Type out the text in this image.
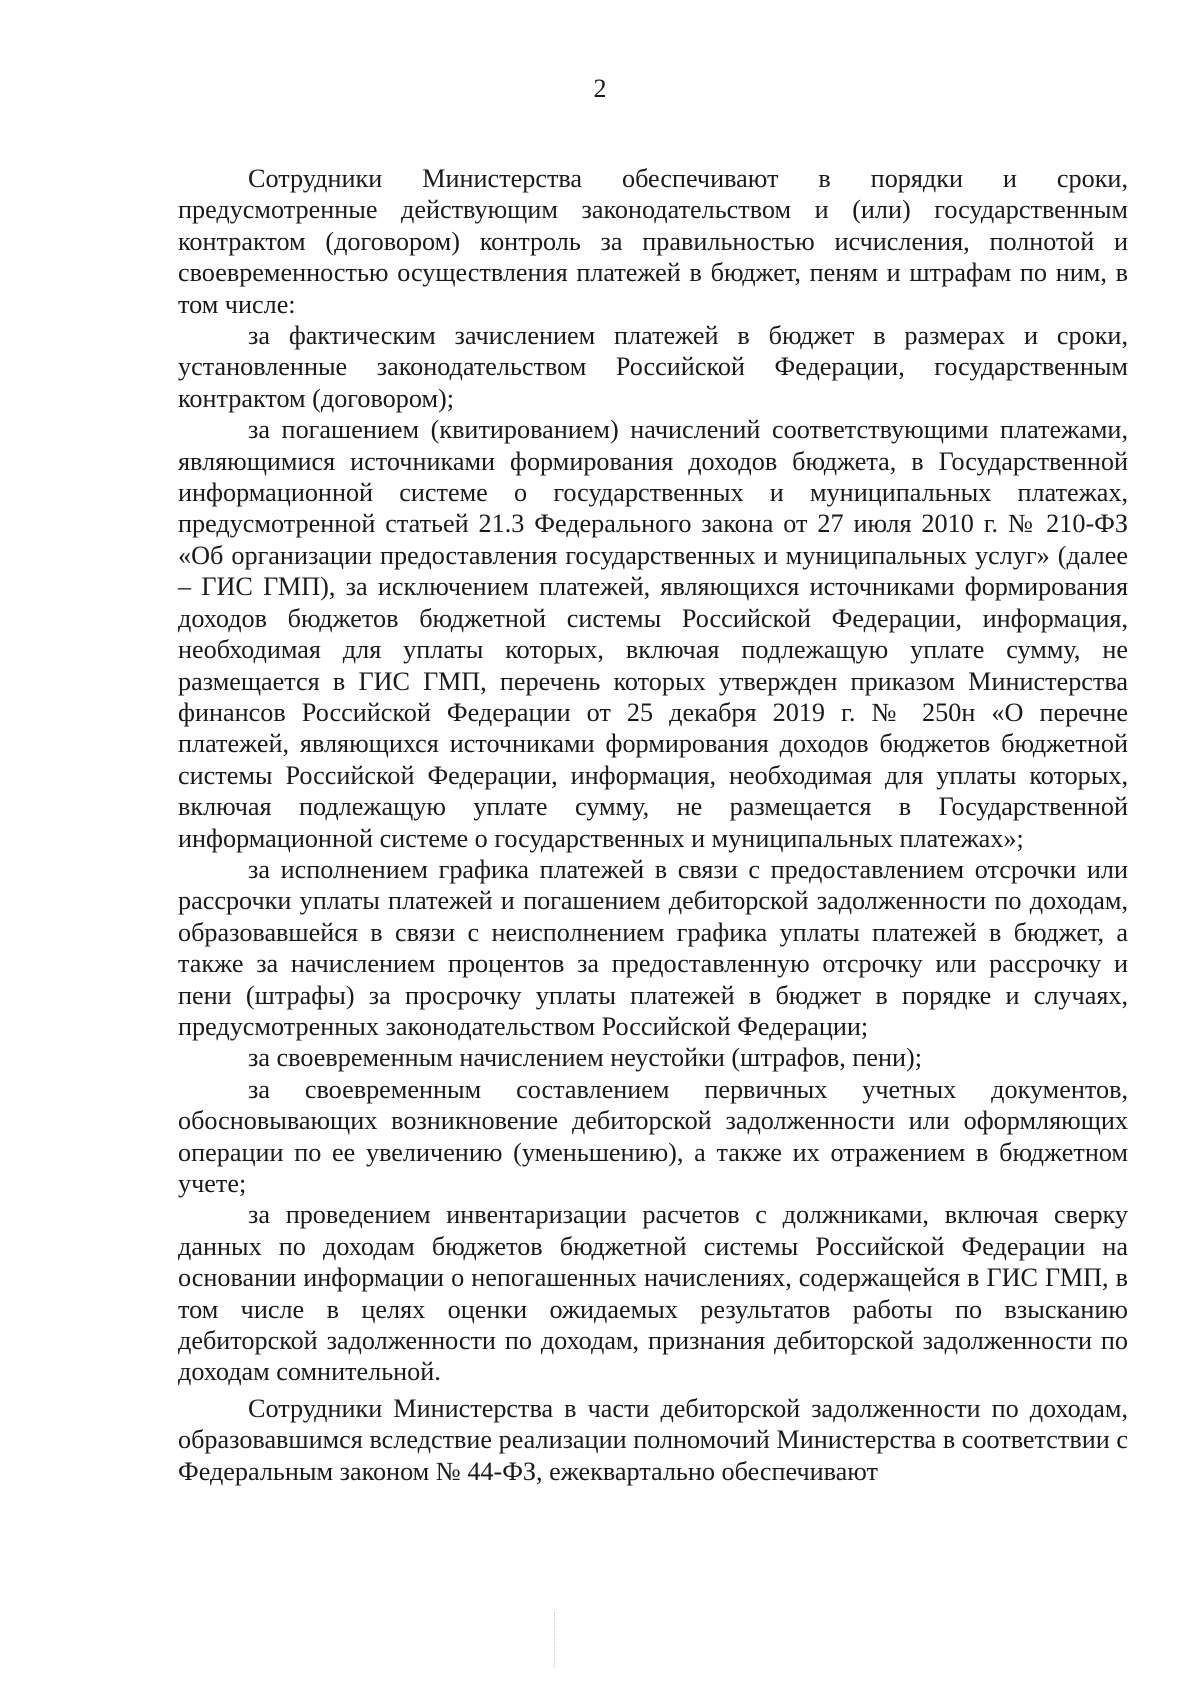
2

Сотрудники Министерства обеспечивают в порядки и сроки, предусмотренные действующим законодательством и (или) государственным контрактом (договором) контроль за правильностью исчисления, полнотой и своевременностью осуществления платежей в бюджет, пеням и штрафам по ним, в том числе:

за фактическим зачислением платежей в бюджет в размерах и сроки, установленные законодательством Российской Федерации, государственным контрактом (договором);

за погашением (квитированием) начислений соответствующими платежами, являющимися источниками формирования доходов бюджета, в Государственной информационной системе о государственных и муниципальных платежах, предусмотренной статьей 21.3 Федерального закона от 27 июля 2010 г. № 210-ФЗ «Об организации предоставления государственных и муниципальных услуг» (далее – ГИС ГМП), за исключением платежей, являющихся источниками формирования доходов бюджетов бюджетной системы Российской Федерации, информация, необходимая для уплаты которых, включая подлежащую уплате сумму, не размещается в ГИС ГМП, перечень которых утвержден приказом Министерства финансов Российской Федерации от 25 декабря 2019 г. № 250н «О перечне платежей, являющихся источниками формирования доходов бюджетов бюджетной системы Российской Федерации, информация, необходимая для уплаты которых, включая подлежащую уплате сумму, не размещается в Государственной информационной системе о государственных и муниципальных платежах»;

за исполнением графика платежей в связи с предоставлением отсрочки или рассрочки уплаты платежей и погашением дебиторской задолженности по доходам, образовавшейся в связи с неисполнением графика уплаты платежей в бюджет, а также за начислением процентов за предоставленную отсрочку или рассрочку и пени (штрафы) за просрочку уплаты платежей в бюджет в порядке и случаях, предусмотренных законодательством Российской Федерации;

за своевременным начислением неустойки (штрафов, пени);

за своевременным составлением первичных учетных документов, обосновывающих возникновение дебиторской задолженности или оформляющих операции по ее увеличению (уменьшению), а также их отражением в бюджетном учете;

за проведением инвентаризации расчетов с должниками, включая сверку данных по доходам бюджетов бюджетной системы Российской Федерации на основании информации о непогашенных начислениях, содержащейся в ГИС ГМП, в том числе в целях оценки ожидаемых результатов работы по взысканию дебиторской задолженности по доходам, признания дебиторской задолженности по доходам сомнительной.

Сотрудники Министерства в части дебиторской задолженности по доходам, образовавшимся вследствие реализации полномочий Министерства в соответствии с Федеральным законом № 44-ФЗ, ежеквартально обеспечивают
